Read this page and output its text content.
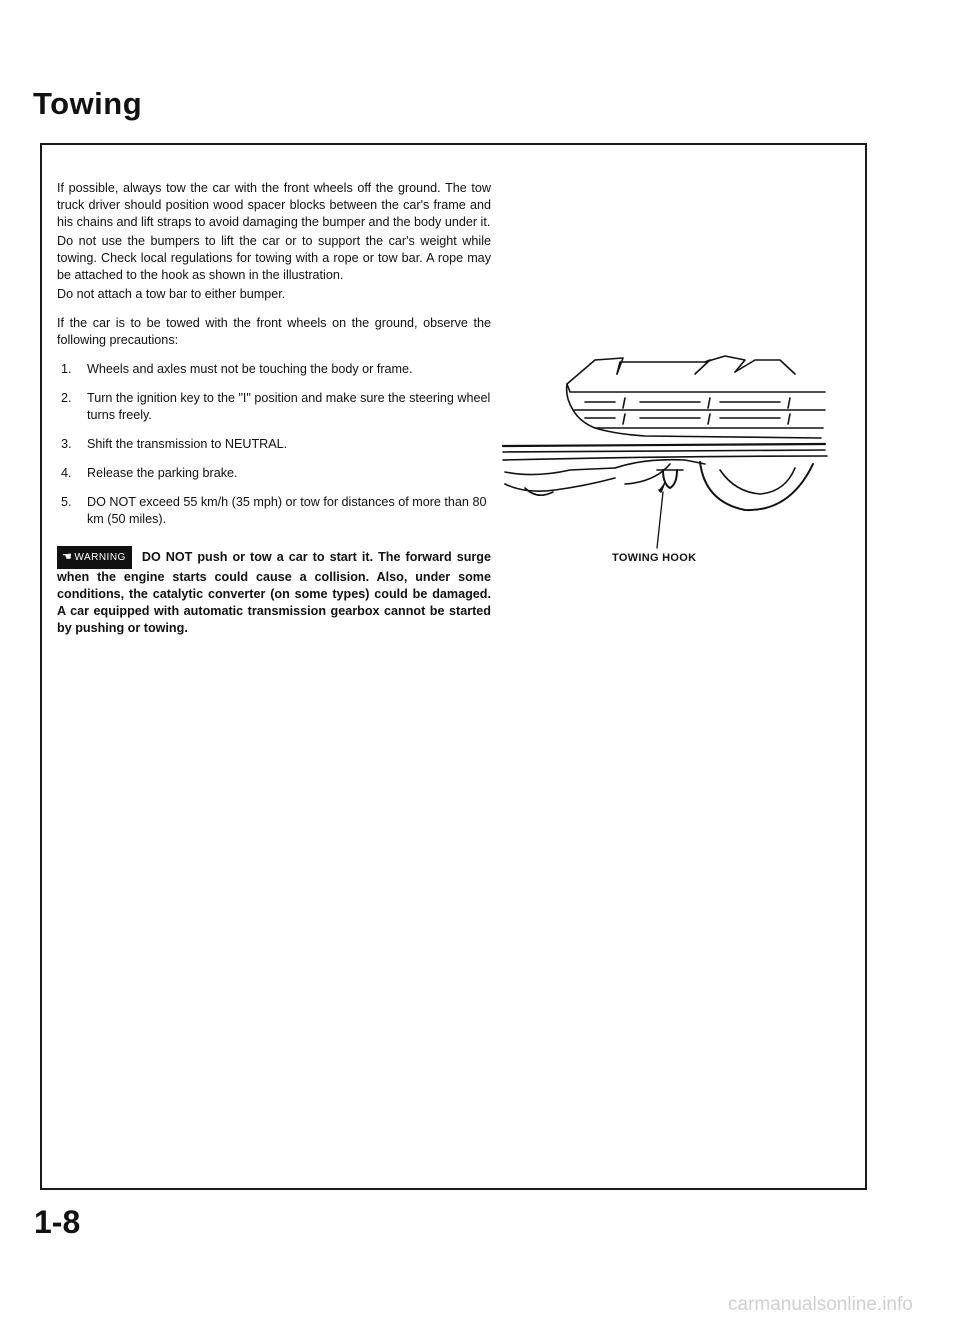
Towing

If possible, always tow the car with the front wheels off the ground. The tow truck driver should position wood spacer blocks between the car's frame and his chains and lift straps to avoid damaging the bumper and the body under it.

Do not use the bumpers to lift the car or to support the car's weight while towing. Check local regulations for towing with a rope or tow bar. A rope may be attached to the hook as shown in the illustration.

Do not attach a tow bar to either bumper.

If the car is to be towed with the front wheels on the ground, observe the following precautions:

1. Wheels and axles must not be touching the body or frame.
2. Turn the ignition key to the "I" position and make sure the steering wheel turns freely.
3. Shift the transmission to NEUTRAL.
4. Release the parking brake.
5. DO NOT exceed 55 km/h (35 mph) or tow for distances of more than 80 km (50 miles).
☚ WARNING DO NOT push or tow a car to start it. The forward surge when the engine starts could cause a collision. Also, under some conditions, the catalytic converter (on some types) could be damaged. A car equipped with automatic transmission gearbox cannot be started by pushing or towing.
TOWING HOOK
1-8
carmanualsonline.info
